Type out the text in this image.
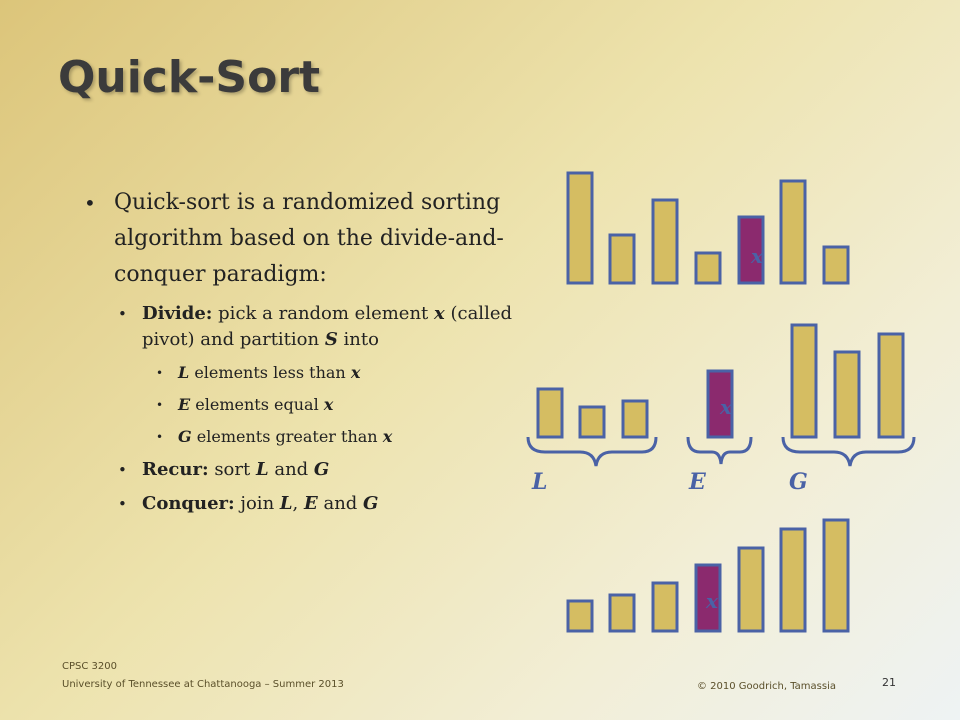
Quick-Sort
• Quick-sort is a randomized sorting algorithm based on the divide-and-conquer paradigm:
• Divide: pick a random element x (called pivot) and partition S into
• L elements less than x
• E elements equal x
• G elements greater than x
• Recur: sort L and G
• Conquer: join L, E and G
x
x
L	E	G
x
CPSC 3200
University of Tennessee at Chattanooga – Summer 2013	© 2010 Goodrich, Tamassia	21
